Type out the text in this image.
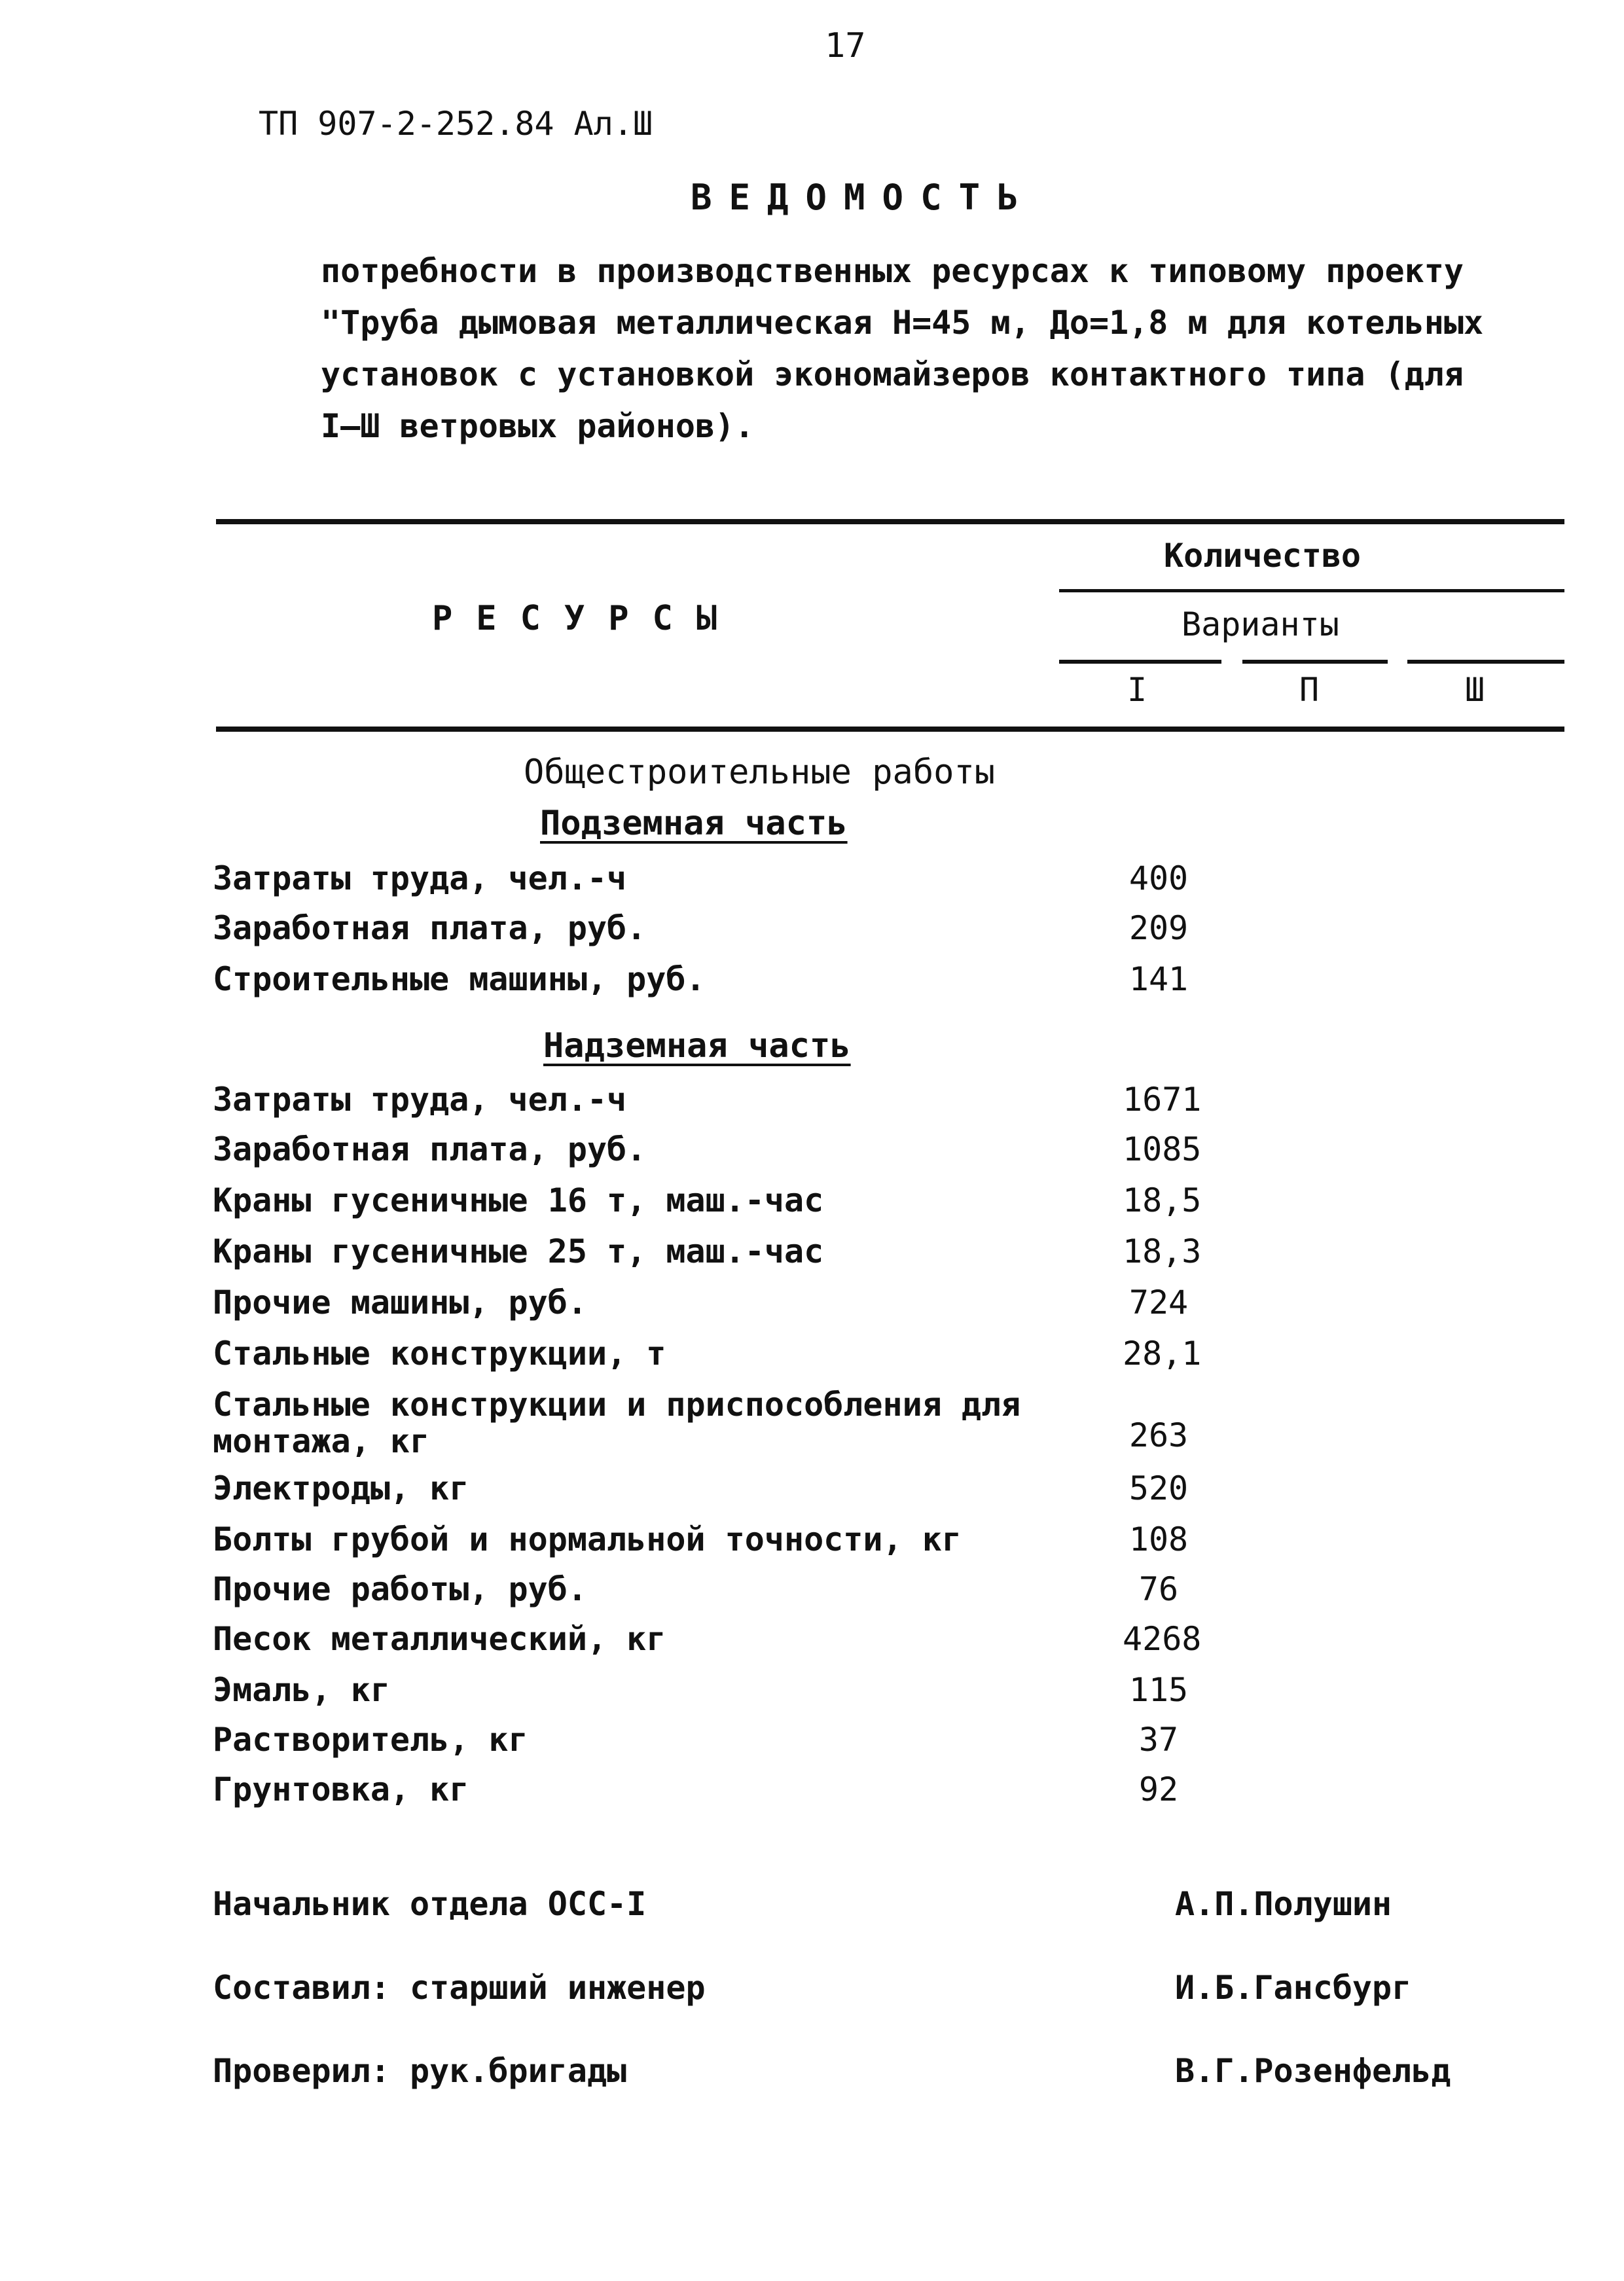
17
ТП 907-2-252.84 Ал.Ш
ВЕДОМОСТЬ
потребности в производственных ресурсах к типовому проекту "Труба дымовая металлическая Н=45 м, До=1,8 м для котельных установок с установкой экономайзеров контактного типа (для I–Ш ветровых районов).
РЕСУРСЫ
Количество
Варианты
I	П	Ш
Общестроительные работы
Подземная часть
Затраты труда, чел.-ч	400
Заработная плата, руб.	209
Строительные машины, руб.	141
Надземная часть
Затраты труда, чел.-ч	1671
Заработная плата, руб.	1085
Краны гусеничные 16 т, маш.-час	18,5
Краны гусеничные 25 т, маш.-час	18,3
Прочие машины, руб.	724
Стальные конструкции, т	28,1
Стальные конструкции и приспособления для монтажа, кг	263
Электроды, кг	520
Болты грубой и нормальной точности, кг	108
Прочие работы, руб.	76
Песок металлический, кг	4268
Эмаль, кг	115
Растворитель, кг	37
Грунтовка, кг	92
Начальник отдела ОСС-I	А.П.Полушин
Составил: старший инженер	И.Б.Гансбург
Проверил: рук.бригады	В.Г.Розенфельд
